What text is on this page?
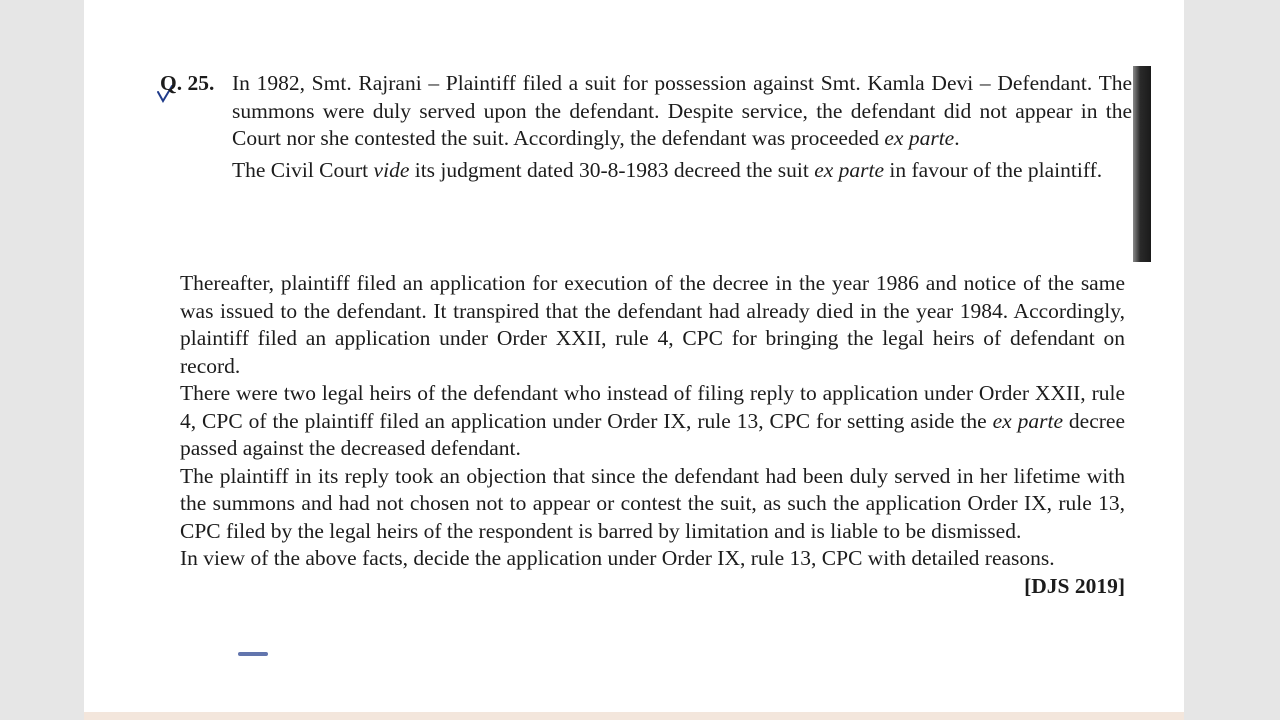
Q. 25. In 1982, Smt. Rajrani – Plaintiff filed a suit for possession against Smt. Kamla Devi – Defendant. The summons were duly served upon the defendant. Despite service, the defendant did not appear in the Court nor she contested the suit. Accordingly, the defendant was proceeded ex parte.

The Civil Court vide its judgment dated 30-8-1983 decreed the suit ex parte in favour of the plaintiff.

Thereafter, plaintiff filed an application for execution of the decree in the year 1986 and notice of the same was issued to the defendant. It transpired that the defendant had already died in the year 1984. Accordingly, plaintiff filed an application under Order XXII, rule 4, CPC for bringing the legal heirs of defendant on record.

There were two legal heirs of the defendant who instead of filing reply to application under Order XXII, rule 4, CPC of the plaintiff filed an application under Order IX, rule 13, CPC for setting aside the ex parte decree passed against the decreased defendant.

The plaintiff in its reply took an objection that since the defendant had been duly served in her lifetime with the summons and had not chosen not to appear or contest the suit, as such the application Order IX, rule 13, CPC filed by the legal heirs of the respondent is barred by limitation and is liable to be dismissed.

In view of the above facts, decide the application under Order IX, rule 13, CPC with detailed reasons.
[DJS 2019]
